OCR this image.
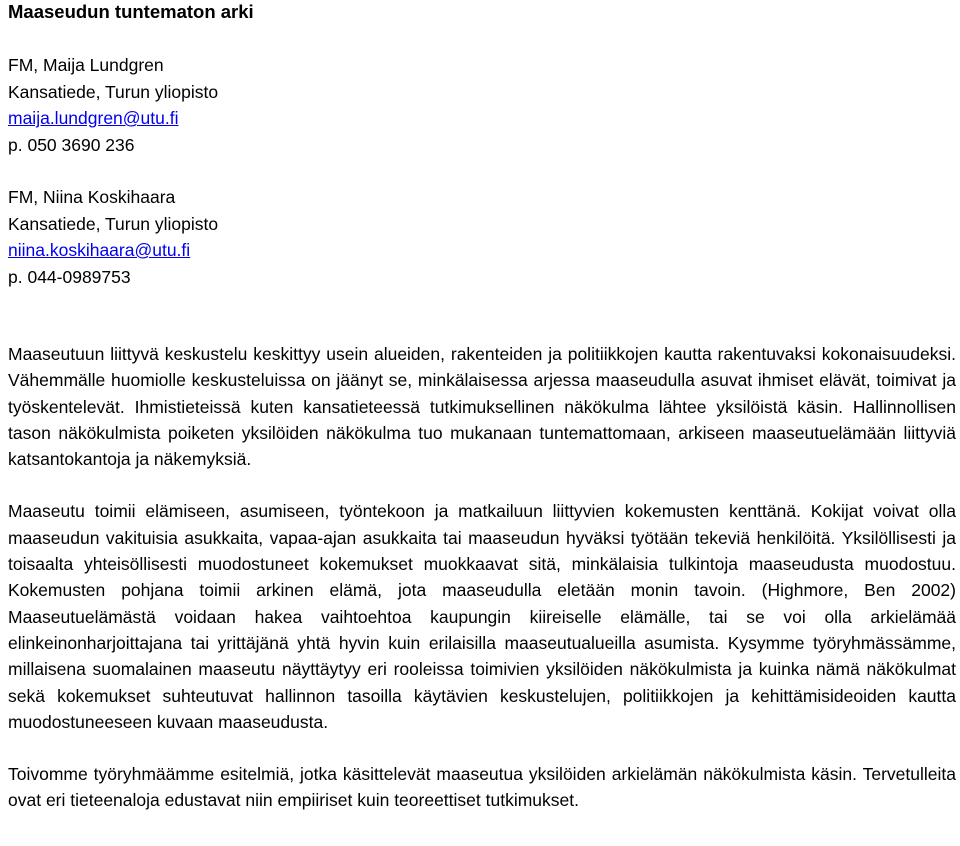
Maaseudun tuntematon arki
FM, Maija Lundgren
Kansatiede, Turun yliopisto
maija.lundgren@utu.fi
p. 050 3690 236
FM, Niina Koskihaara
Kansatiede, Turun yliopisto
niina.koskihaara@utu.fi
p. 044-0989753

Maaseutuun liittyvä keskustelu keskittyy usein alueiden, rakenteiden ja politiikkojen kautta rakentuvaksi kokonaisuudeksi. Vähemmälle huomiolle keskusteluissa on jäänyt se, minkälaisessa arjessa maaseudulla asuvat ihmiset elävät, toimivat ja työskentelevät. Ihmistieteissä kuten kansatieteessä tutkimuksellinen näkökulma lähtee yksilöistä käsin. Hallinnollisen tason näkökulmista poiketen yksilöiden näkökulma tuo mukanaan tuntemattomaan, arkiseen maaseutuelämään liittyviä katsantokantoja ja näkemyksiä.

Maaseutu toimii elämiseen, asumiseen, työntekoon ja matkailuun liittyvien kokemusten kenttänä. Kokijat voivat olla maaseudun vakituisia asukkaita, vapaa-ajan asukkaita tai maaseudun hyväksi työtään tekeviä henkilöitä. Yksilöllisesti ja toisaalta yhteisöllisesti muodostuneet kokemukset muokkaavat sitä, minkälaisia tulkintoja maaseudusta muodostuu. Kokemusten pohjana toimii arkinen elämä, jota maaseudulla eletään monin tavoin. (Highmore, Ben 2002) Maaseutuelämästä voidaan hakea vaihtoehtoa kaupungin kiireiselle elämälle, tai se voi olla arkielämää elinkeinonharjoittajana tai yrittäjänä yhtä hyvin kuin erilaisilla maaseutualueilla asumista. Kysymme työryhmässämme, millaisena suomalainen maaseutu näyttäytyy eri rooleissa toimivien yksilöiden näkökulmista ja kuinka nämä näkökulmat sekä kokemukset suhteutuvat hallinnon tasoilla käytävien keskustelujen, politiikkojen ja kehittämisideoiden kautta muodostuneeseen kuvaan maaseudusta.

Toivomme työryhmäämme esitelmiä, jotka käsittelevät maaseutua yksilöiden arkielämän näkökulmista käsin. Tervetulleita ovat eri tieteenaloja edustavat niin empiiriset kuin teoreettiset tutkimukset.
